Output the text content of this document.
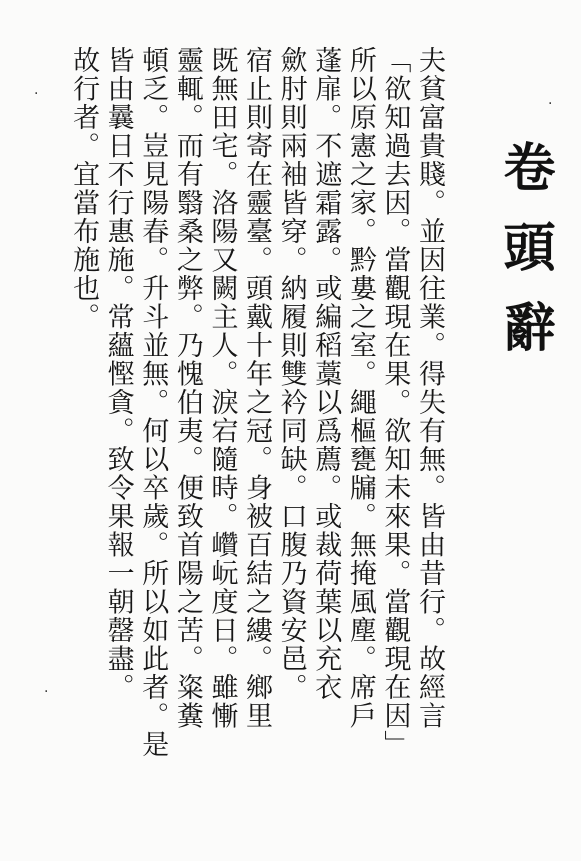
卷頭辭
夫貧富貴賤。並因往業。得失有無。皆由昔行。故經言
「欲知過去因。當觀現在果。欲知未來果。當觀現在因」
所以原憲之家。黔婁之室。繩樞甕牖。無掩風塵。席戶
蓬扉。不遮霜露。或編稻藁以爲薦。或裁荷葉以充衣
歛肘則兩袖皆穿。納履則雙衿同缺。口腹乃資安邑。
宿止則寄在靈臺。頭戴十年之冠。身被百結之縷。鄉里
既無田宅。洛陽又闕主人。淚宕隨時。巑岏度日。雖慚
靈輒。而有翳桑之弊。乃愧伯夷。便致首陽之苦。粢糞
頓乏。豈見陽春。升斗並無。何以卒歲。所以如此者。是
皆由曩日不行惠施。常蘊慳貪。致令果報一朝罄盡。
故行者。宜當布施也。
·
·
·
